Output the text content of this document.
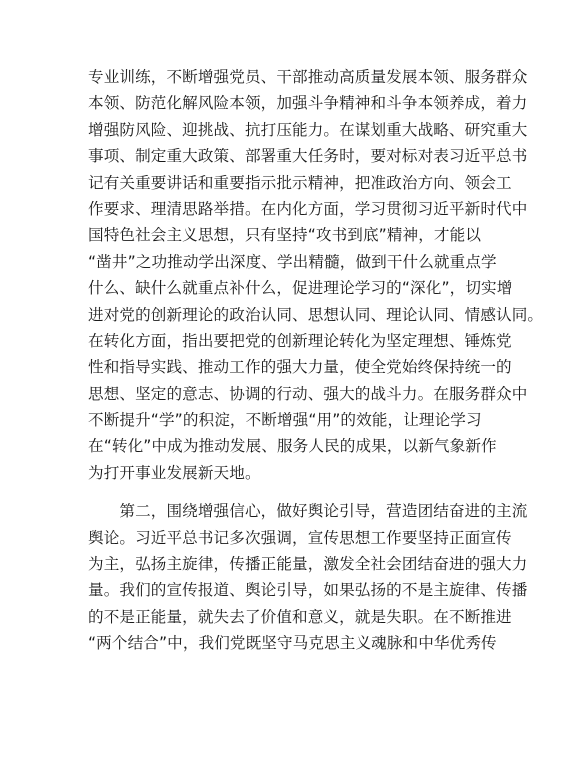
专业训练，不断增强党员、干部推动高质量发展本领、服务群众
本领、防范化解风险本领，加强斗争精神和斗争本领养成，着力
增强防风险、迎挑战、抗打压能力。在谋划重大战略、研究重大
事项、制定重大政策、部署重大任务时，要对标对表习近平总书
记有关重要讲话和重要指示批示精神，把准政治方向、领会工
作要求、理清思路举措。在内化方面，学习贯彻习近平新时代中
国特色社会主义思想，只有坚持“攻书到底”精神，才能以
“凿井”之功推动学出深度、学出精髓，做到干什么就重点学
什么、缺什么就重点补什么，促进理论学习的“深化”，切实增
进对党的创新理论的政治认同、思想认同、理论认同、情感认同。
在转化方面，指出要把党的创新理论转化为坚定理想、锤炼党
性和指导实践、推动工作的强大力量，使全党始终保持统一的
思想、坚定的意志、协调的行动、强大的战斗力。在服务群众中
不断提升“学”的积淀，不断增强“用”的效能，让理论学习
在“转化”中成为推动发展、服务人民的成果，以新气象新作
为打开事业发展新天地。
　　第二，围绕增强信心，做好舆论引导，营造团结奋进的主流
舆论。习近平总书记多次强调，宣传思想工作要坚持正面宣传
为主，弘扬主旋律，传播正能量，激发全社会团结奋进的强大力
量。我们的宣传报道、舆论引导，如果弘扬的不是主旋律、传播
的不是正能量，就失去了价值和意义，就是失职。在不断推进
“两个结合”中，我们党既坚守马克思主义魂脉和中华优秀传
